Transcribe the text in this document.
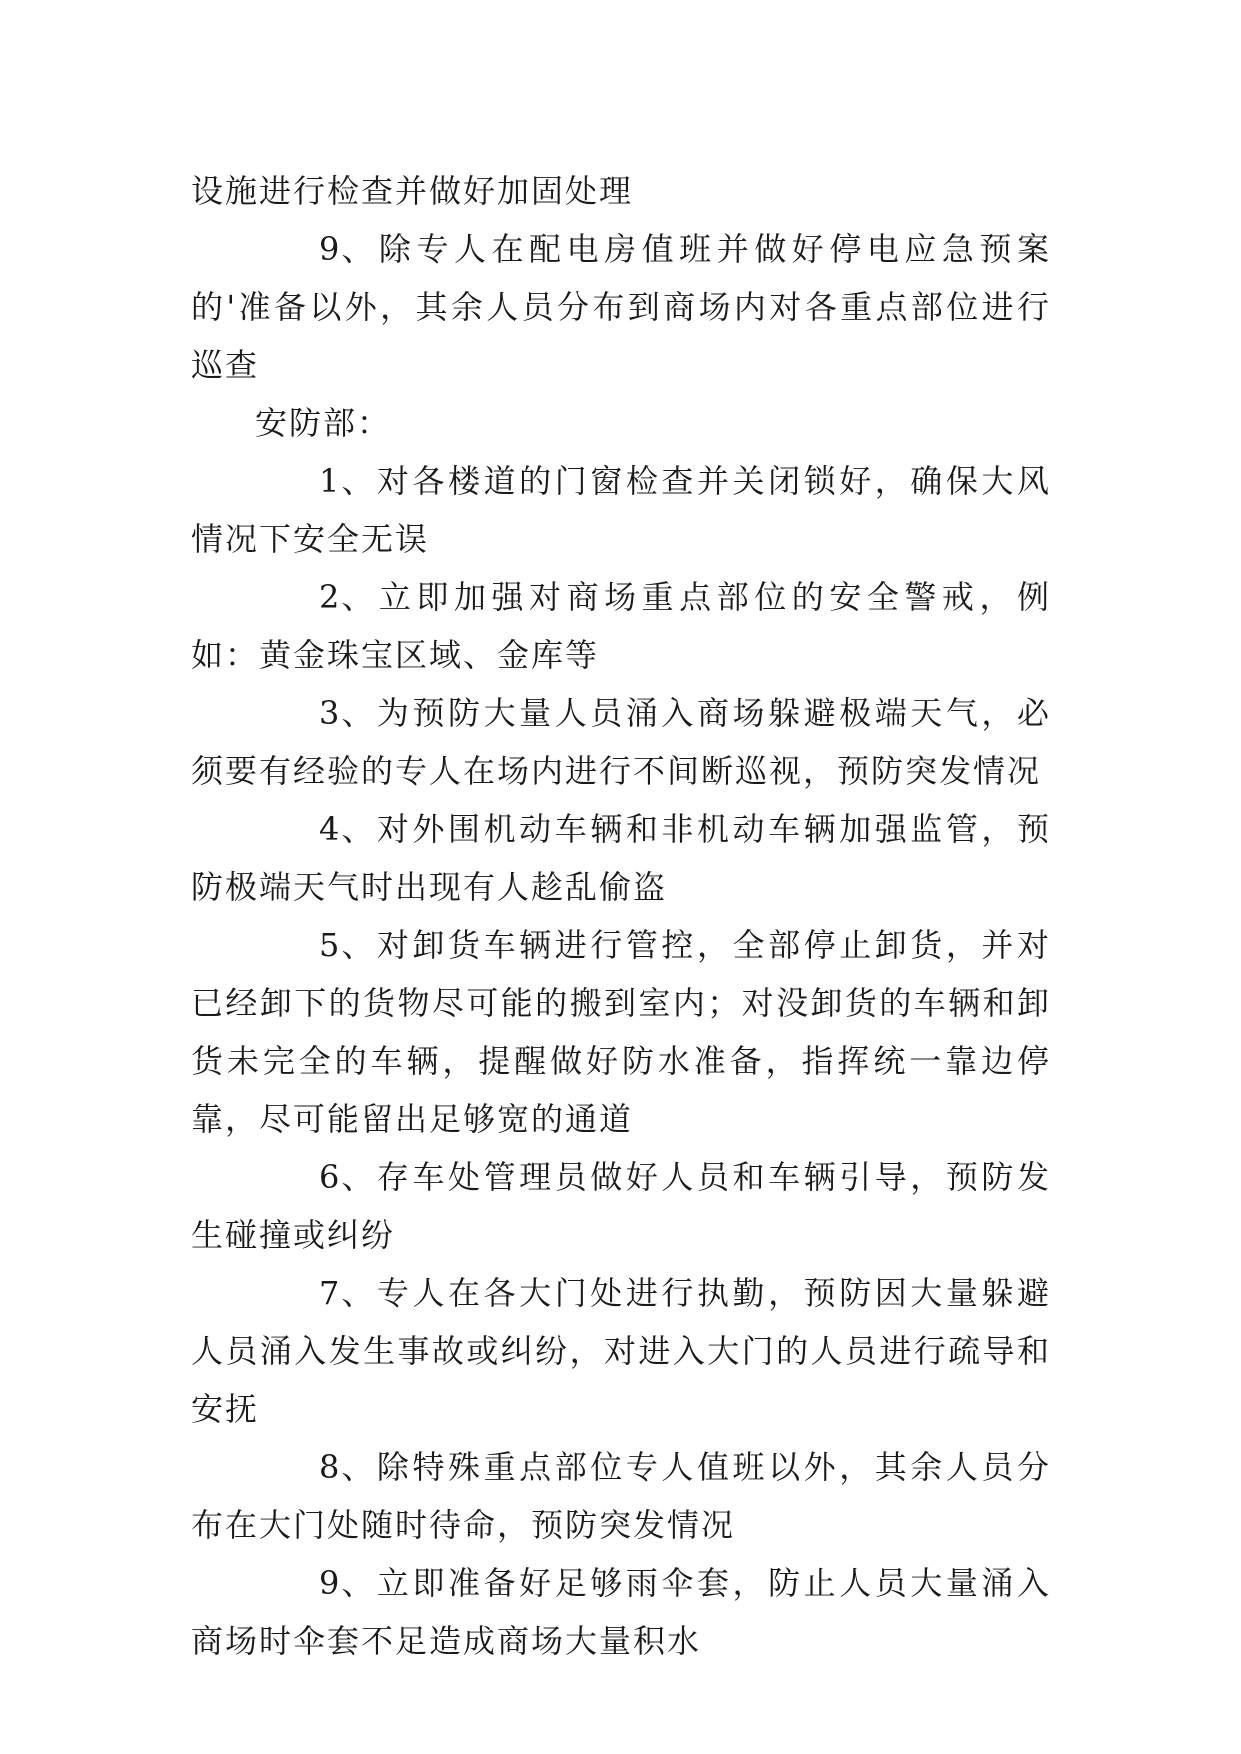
设施进行检查并做好加固处理

9、除专人在配电房值班并做好停电应急预案的'准备以外，其余人员分布到商场内对各重点部位进行巡查

安防部：

1、对各楼道的门窗检查并关闭锁好，确保大风情况下安全无误

2、立即加强对商场重点部位的安全警戒，例如：黄金珠宝区域、金库等

3、为预防大量人员涌入商场躲避极端天气，必须要有经验的专人在场内进行不间断巡视，预防突发情况

4、对外围机动车辆和非机动车辆加强监管，预防极端天气时出现有人趁乱偷盗

5、对卸货车辆进行管控，全部停止卸货，并对已经卸下的货物尽可能的搬到室内；对没卸货的车辆和卸货未完全的车辆，提醒做好防水准备，指挥统一靠边停靠，尽可能留出足够宽的通道

6、存车处管理员做好人员和车辆引导，预防发生碰撞或纠纷

7、专人在各大门处进行执勤，预防因大量躲避人员涌入发生事故或纠纷，对进入大门的人员进行疏导和安抚

8、除特殊重点部位专人值班以外，其余人员分布在大门处随时待命，预防突发情况

9、立即准备好足够雨伞套，防止人员大量涌入商场时伞套不足造成商场大量积水
